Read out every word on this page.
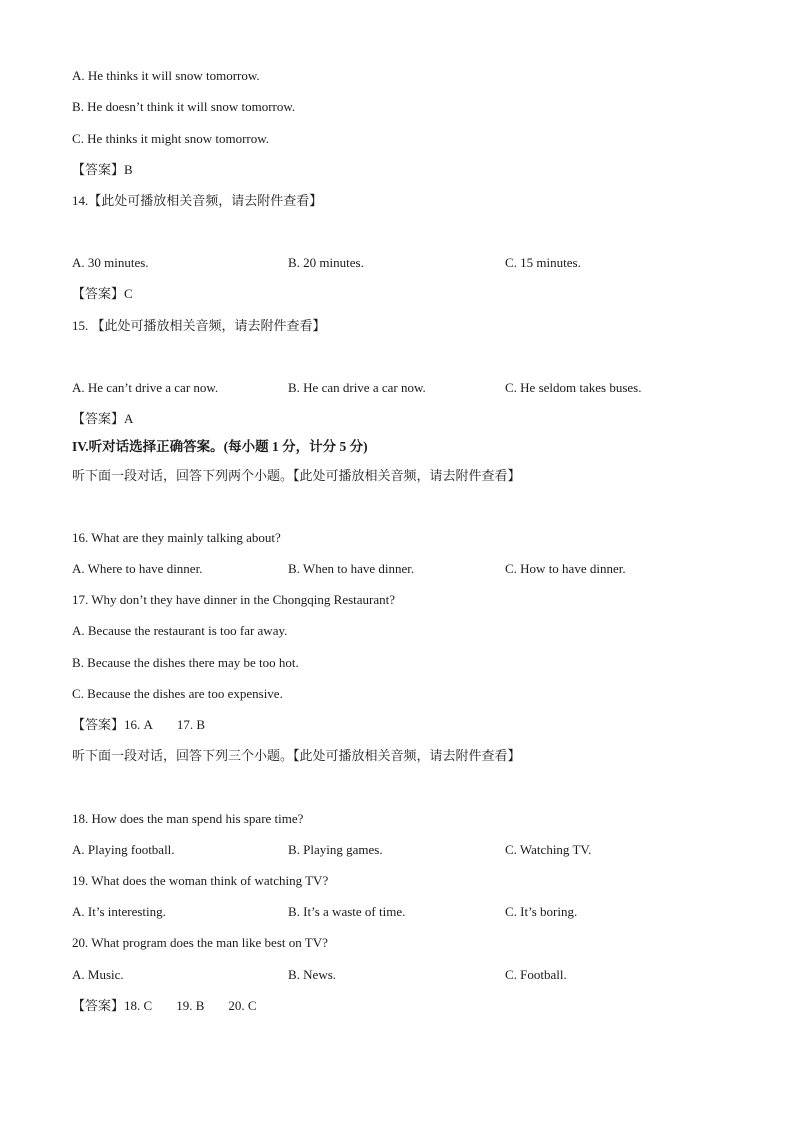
A. He thinks it will snow tomorrow.
B. He doesn’t think it will snow tomorrow.
C. He thinks it might snow tomorrow.
【答案】B
14.【此处可播放相关音频，请去附件查看】
A. 30 minutes.	B. 20 minutes.	C. 15 minutes.
【答案】C
15. 【此处可播放相关音频，请去附件查看】
A. He can’t drive a car now.	B. He can drive a car now.	C. He seldom takes buses.
【答案】A
IV.听对话选择正确答案。(每小题 1 分，计分 5 分)
听下面一段对话，回答下列两个小题。【此处可播放相关音频，请去附件查看】
16. What are they mainly talking about?
A. Where to have dinner.	B. When to have dinner.	C. How to have dinner.
17. Why don’t they have dinner in the Chongqing Restaurant?
A. Because the restaurant is too far away.
B. Because the dishes there may be too hot.
C. Because the dishes are too expensive.
【答案】16. A 17. B
听下面一段对话，回答下列三个小题。【此处可播放相关音频，请去附件查看】
18. How does the man spend his spare time?
A. Playing football.	B. Playing games.	C. Watching TV.
19. What does the woman think of watching TV?
A. It’s interesting.	B. It’s a waste of time.	C. It’s boring.
20. What program does the man like best on TV?
A. Music.	B. News.	C. Football.
【答案】18. C 19. B 20. C
